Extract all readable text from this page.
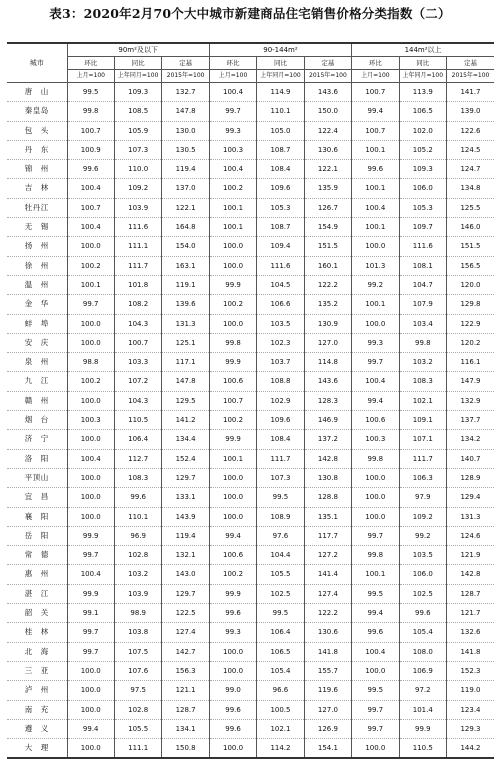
表3：2020年2月70个大中城市新建商品住宅销售价格分类指数（二）
城市	90m²及以下			90-144m²			144m²以上		
	环比	同比	定基	环比	同比	定基	环比	同比	定基
	上月=100	上年同月=100	2015年=100	上月=100	上年同月=100	2015年=100	上月=100	上年同月=100	2015年=100
唐　山	99.5	109.3	132.7	100.4	114.9	143.6	100.7	113.9	141.7
秦皇岛	99.8	108.5	147.8	99.7	110.1	150.0	99.4	106.5	139.0
包　头	100.7	105.9	130.0	99.3	105.0	122.4	100.7	102.0	122.6
丹　东	100.9	107.3	130.5	100.3	108.7	130.6	100.1	105.2	124.5
锦　州	99.6	110.0	119.4	100.4	108.4	122.1	99.6	109.3	124.7
吉　林	100.4	109.2	137.0	100.2	109.6	135.9	100.1	106.0	134.8
牡丹江	100.7	103.9	122.1	100.1	105.3	126.7	100.4	105.3	125.5
无　锡	100.4	111.6	164.8	100.1	108.7	154.9	100.1	109.7	146.0
扬　州	100.0	111.1	154.0	100.0	109.4	151.5	100.0	111.6	151.5
徐　州	100.2	111.7	163.1	100.0	111.6	160.1	101.3	108.1	156.5
温　州	100.1	101.8	119.1	99.9	104.5	122.2	99.2	104.7	120.0
金　华	99.7	108.2	139.6	100.2	106.6	135.2	100.1	107.9	129.8
蚌　埠	100.0	104.3	131.3	100.0	103.5	130.9	100.0	103.4	122.9
安　庆	100.0	100.7	125.1	99.8	102.3	127.0	99.3	99.8	120.2
泉　州	98.8	103.3	117.1	99.9	103.7	114.8	99.7	103.2	116.1
九　江	100.2	107.2	147.8	100.6	108.8	143.6	100.4	108.3	147.9
赣　州	100.0	104.3	129.5	100.7	102.9	128.3	99.4	102.1	132.9
烟　台	100.3	110.5	141.2	100.2	109.6	146.9	100.6	109.1	137.7
济　宁	100.0	106.4	134.4	99.9	108.4	137.2	100.3	107.1	134.2
洛　阳	100.4	112.7	152.4	100.1	111.7	142.8	99.8	111.7	140.7
平顶山	100.0	108.3	129.7	100.0	107.3	130.8	100.0	106.3	128.9
宜　昌	100.0	99.6	133.1	100.0	99.5	128.8	100.0	97.9	129.4
襄　阳	100.0	110.1	143.9	100.0	108.9	135.1	100.0	109.2	131.3
岳　阳	99.9	96.9	119.4	99.4	97.6	117.7	99.7	99.2	124.6
常　德	99.7	102.8	132.1	100.6	104.4	127.2	99.8	103.5	121.9
惠　州	100.4	103.2	143.0	100.2	105.5	141.4	100.1	106.0	142.8
湛　江	99.9	103.9	129.7	99.9	102.5	127.4	99.5	102.5	128.7
韶　关	99.1	98.9	122.5	99.6	99.5	122.2	99.4	99.6	121.7
桂　林	99.7	103.8	127.4	99.3	106.4	130.6	99.6	105.4	132.6
北　海	99.7	107.5	142.7	100.0	106.5	141.8	100.4	108.0	141.8
三　亚	100.0	107.6	156.3	100.0	105.4	155.7	100.0	106.9	152.3
泸　州	100.0	97.5	121.1	99.0	96.6	119.6	99.5	97.2	119.0
南　充	100.0	102.8	128.7	99.6	100.5	127.0	99.7	101.4	123.4
遵　义	99.4	105.5	134.1	99.6	102.1	126.9	99.7	99.9	129.3
大　理	100.0	111.1	150.8	100.0	114.2	154.1	100.0	110.5	144.2
